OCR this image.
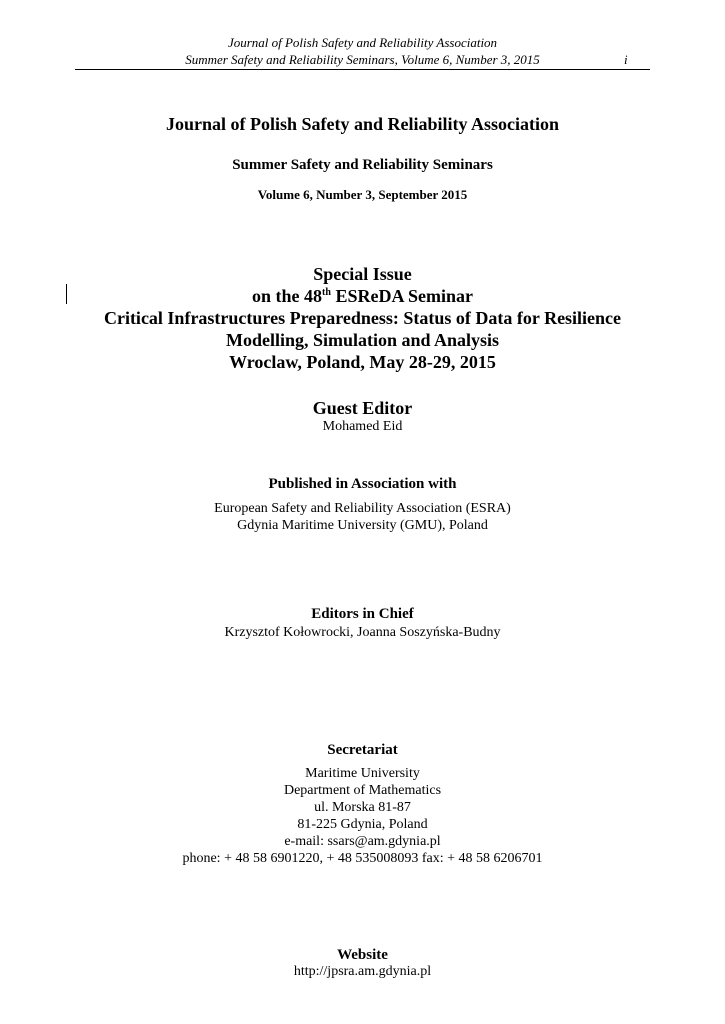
Journal of Polish Safety and Reliability Association
Summer Safety and Reliability Seminars, Volume 6, Number 3, 2015	i
Journal of Polish Safety and Reliability Association
Summer Safety and Reliability Seminars
Volume 6, Number 3, September 2015
Special Issue
on the 48th ESReDA Seminar
Critical Infrastructures Preparedness: Status of Data for Resilience
Modelling, Simulation and Analysis
Wroclaw, Poland, May 28-29, 2015
Guest Editor
Mohamed Eid
Published in Association with
European Safety and Reliability Association (ESRA)
Gdynia Maritime University (GMU), Poland
Editors in Chief
Krzysztof Kołowrocki, Joanna Soszyńska-Budny
Secretariat
Maritime University
Department of Mathematics
ul. Morska 81-87
81-225 Gdynia, Poland
e-mail: ssars@am.gdynia.pl
phone: + 48 58 6901220, + 48 535008093 fax: + 48 58 6206701
Website
http://jpsra.am.gdynia.pl
